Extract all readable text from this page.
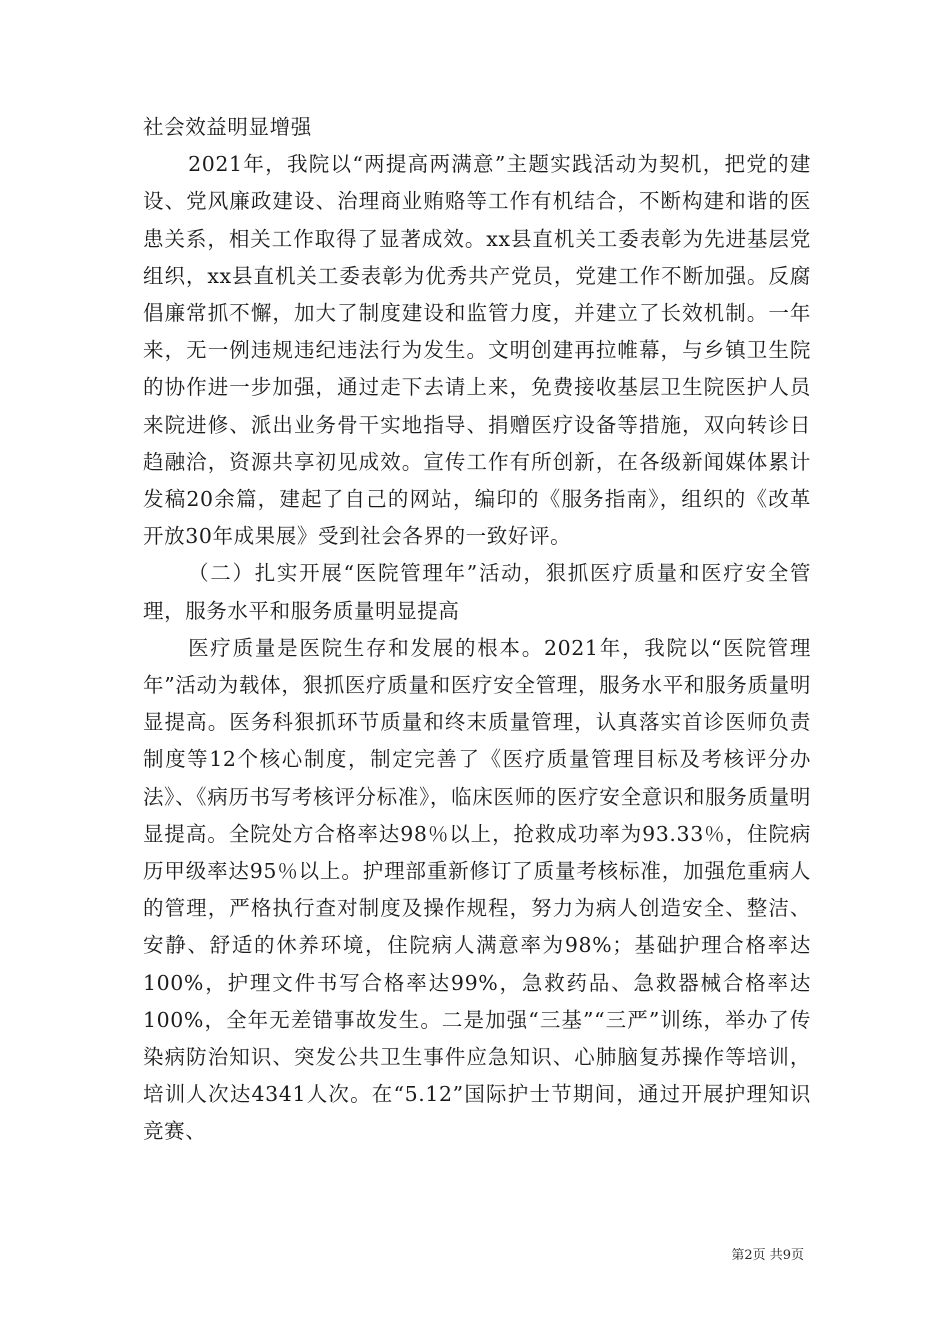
社会效益明显增强

2021年，我院以“两提高两满意”主题实践活动为契机，把党的建设、党风廉政建设、治理商业贿赂等工作有机结合，不断构建和谐的医患关系，相关工作取得了显著成效。xx县直机关工委表彰为先进基层党组织，xx县直机关工委表彰为优秀共产党员，党建工作不断加强。反腐倡廉常抓不懈，加大了制度建设和监管力度，并建立了长效机制。一年来，无一例违规违纪违法行为发生。文明创建再拉帷幕，与乡镇卫生院的协作进一步加强，通过走下去请上来，免费接收基层卫生院医护人员来院进修、派出业务骨干实地指导、捐赠医疗设备等措施，双向转诊日趋融洽，资源共享初见成效。宣传工作有所创新，在各级新闻媒体累计发稿20余篇，建起了自己的网站，编印的《服务指南》，组织的《改革开放30年成果展》受到社会各界的一致好评。

（二）扎实开展“医院管理年”活动，狠抓医疗质量和医疗安全管理，服务水平和服务质量明显提高

医疗质量是医院生存和发展的根本。2021年，我院以“医院管理年”活动为载体，狠抓医疗质量和医疗安全管理，服务水平和服务质量明显提高。医务科狠抓环节质量和终末质量管理，认真落实首诊医师负责制度等12个核心制度，制定完善了《医疗质量管理目标及考核评分办法》、《病历书写考核评分标准》，临床医师的医疗安全意识和服务质量明显提高。全院处方合格率达98％以上，抢救成功率为93.33％，住院病历甲级率达95％以上。护理部重新修订了质量考核标准，加强危重病人的管理，严格执行查对制度及操作规程，努力为病人创造安全、整洁、安静、舒适的休养环境，住院病人满意率为98%；基础护理合格率达100%，护理文件书写合格率达99%，急救药品、急救器械合格率达100%，全年无差错事故发生。二是加强“三基”“三严”训练，举办了传染病防治知识、突发公共卫生事件应急知识、心肺脑复苏操作等培训，培训人次达4341人次。在“5.12”国际护士节期间，通过开展护理知识竞赛、

第2页 共9页
